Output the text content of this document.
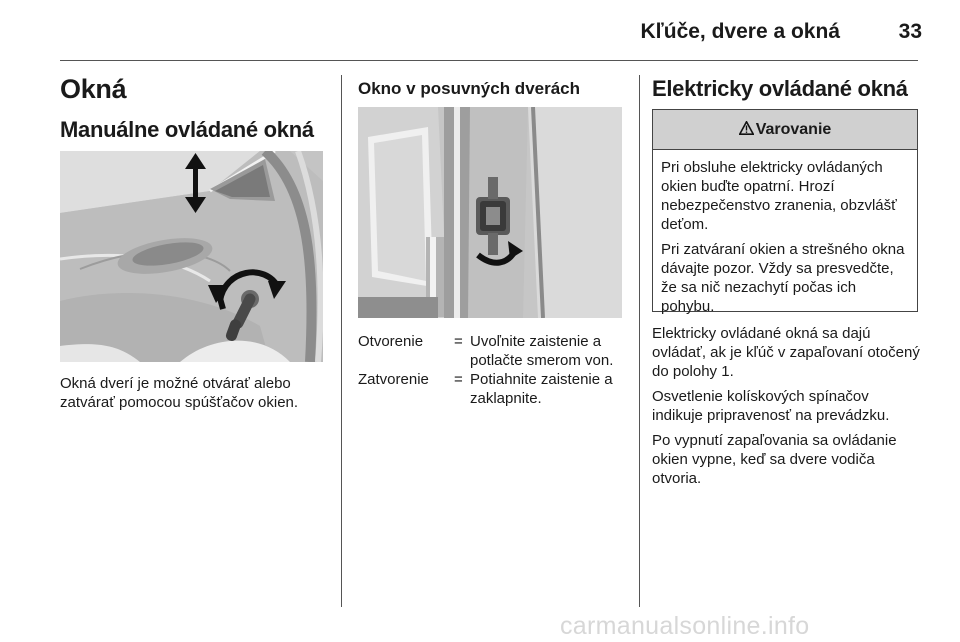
Kľúče, dvere a okná	33
Okná
Manuálne ovládané okná

Okná dverí je možné otvárať alebo zatvárať pomocou spúšťačov okien.

Okno v posuvných dverách
Otvorenie	= Uvoľnite zaistenie a potlačte smerom von.
Zatvorenie	= Potiahnite zaistenie a zaklapnite.
Elektricky ovládané okná
Varovanie

Pri obsluhe elektricky ovládaných okien buďte opatrní. Hrozí nebezpečenstvo zranenia, obzvlášť deťom.

Pri zatváraní okien a strešného okna dávajte pozor. Vždy sa presvedčte, že sa nič nezachytí počas ich pohybu.

Elektricky ovládané okná sa dajú ovládať, ak je kľúč v zapaľovaní otočený do polohy 1.

Osvetlenie kolískových spínačov indikuje pripravenosť na prevádzku.

Po vypnutí zapaľovania sa ovládanie okien vypne, keď sa dvere vodiča otvoria.

carmanualsonline.info
